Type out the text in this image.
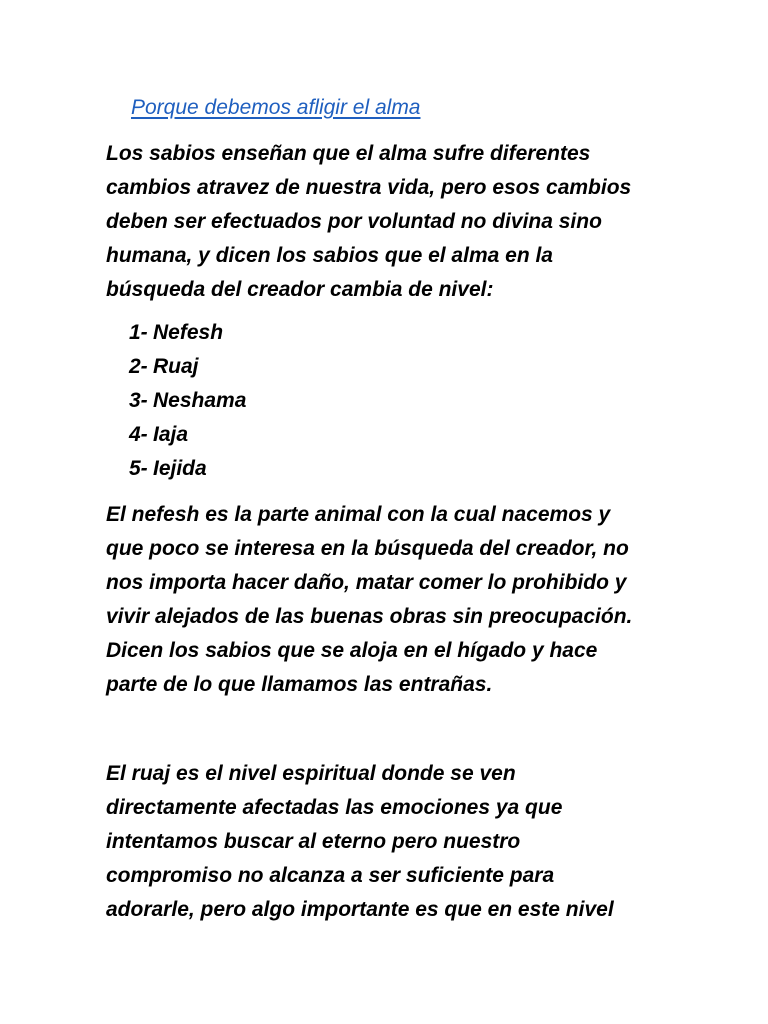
Porque debemos afligir el alma

Los sabios enseñan que el alma sufre diferentes
cambios atravez de nuestra vida, pero esos cambios
deben ser efectuados por voluntad no divina sino
humana, y dicen los sabios que el alma en la
búsqueda del creador cambia de nivel:

1- Nefesh
2- Ruaj
3- Neshama
4- Iaja
5- Iejida

El nefesh es la parte animal con la cual nacemos y
que poco se interesa en la búsqueda del creador, no
nos importa hacer daño, matar comer lo prohibido y
vivir alejados de las buenas obras sin preocupación.
Dicen los sabios que se aloja en el hígado y hace
parte de lo que llamamos las entrañas.

El ruaj es el nivel espiritual donde se ven
directamente afectadas las emociones ya que
intentamos buscar al eterno pero nuestro
compromiso no alcanza a ser suficiente para
adorarle, pero algo importante es que en este nivel
